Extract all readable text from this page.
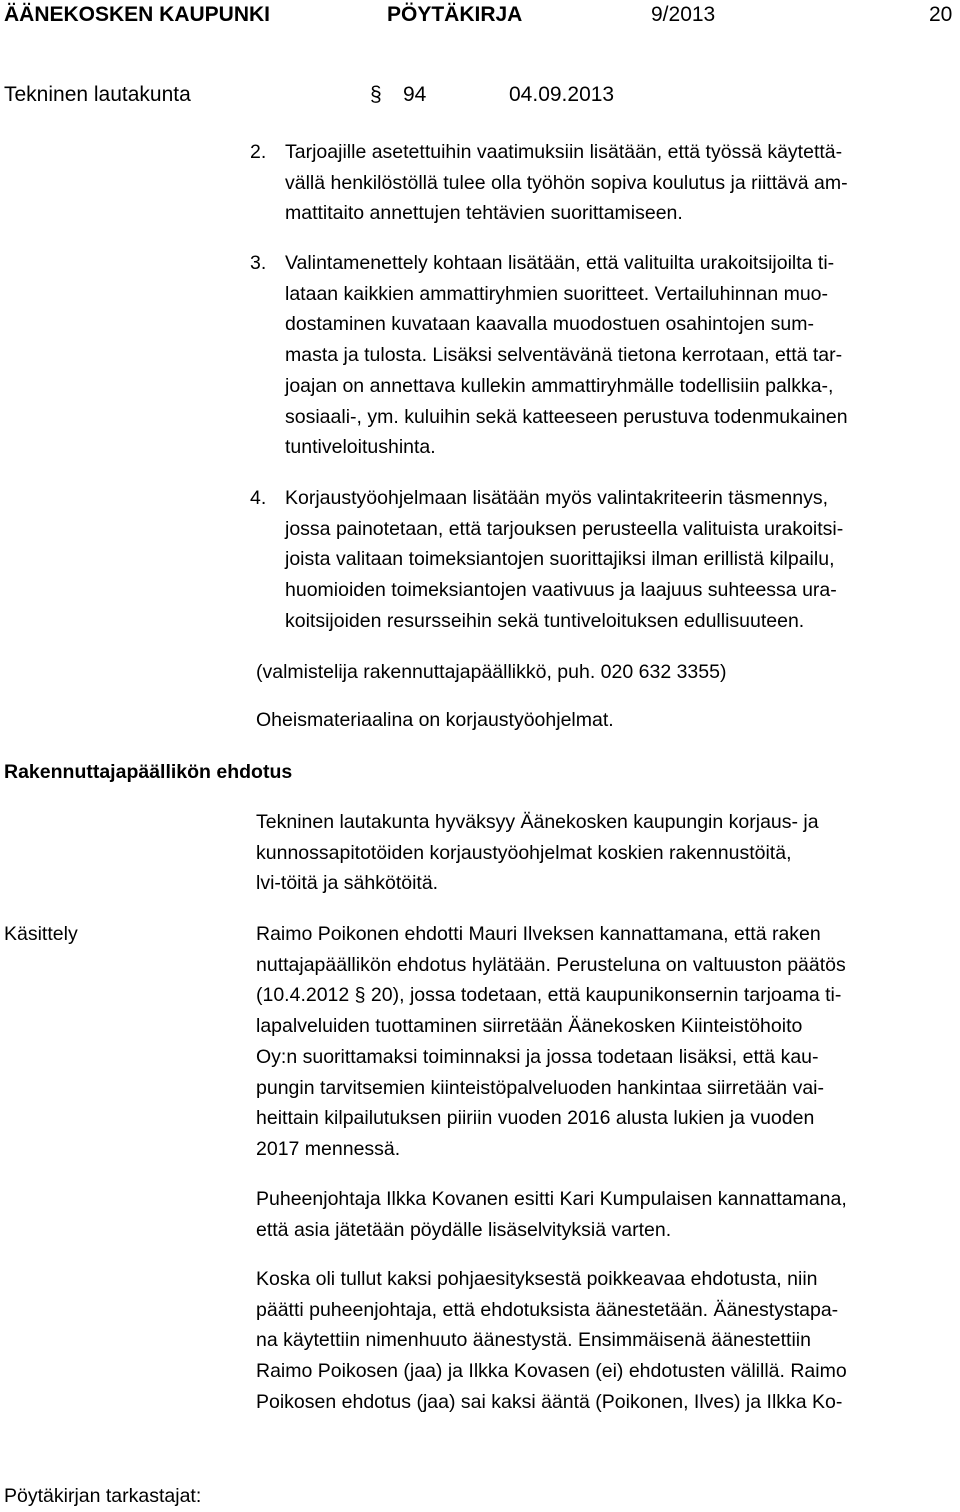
ÄÄNEKOSKEN KAUPUNKI	PÖYTÄKIRJA	9/2013	20
Tekninen lautakunta	§ 94	04.09.2013
2. Tarjoajille asetettuihin vaatimuksiin lisätään, että työssä käytettä-
vällä henkilöstöllä tulee olla työhön sopiva koulutus ja riittävä am-
mattitaito annettujen tehtävien suorittamiseen.
3. Valintamenettely kohtaan lisätään, että valituilta urakoitsijoilta ti-
lataan kaikkien ammattiryhmien suoritteet. Vertailuhinnan muo-
dostaminen kuvataan kaavalla muodostuen osahintojen sum-
masta ja tulosta. Lisäksi selventävänä tietona kerrotaan, että tar-
joajan on annettava kullekin ammattiryhmälle todellisiin palkka-,
sosiaali-, ym. kuluihin sekä katteeseen perustuva todenmukainen
tuntiveloitushinta.
4. Korjaustyöohjelmaan lisätään myös valintakriteerin täsmennys,
jossa painotetaan, että tarjouksen perusteella valituista urakoitsi-
joista valitaan toimeksiantojen suorittajiksi ilman erillistä kilpailu,
huomioiden toimeksiantojen vaativuus ja laajuus suhteessa ura-
koitsijoiden resursseihin sekä tuntiveloituksen edullisuuteen.
(valmistelija rakennuttajapäällikkö, puh. 020 632 3355)
Oheismateriaalina on korjaustyöohjelmat.
Rakennuttajapäällikön ehdotus
Tekninen lautakunta hyväksyy Äänekosken kaupungin korjaus- ja
kunnossapitotöiden korjaustyöohjelmat koskien rakennustöitä,
lvi-töitä ja sähkötöitä.
Käsittely	Raimo Poikonen ehdotti Mauri Ilveksen kannattamana, että raken
nuttajapäällikön ehdotus hylätään. Perusteluna on valtuuston päätös
(10.4.2012 § 20), jossa todetaan, että kaupunikonsernin tarjoama ti-
lapalveluiden tuottaminen siirretään Äänekosken Kiinteistöhoito
Oy:n suorittamaksi toiminnaksi ja jossa todetaan lisäksi, että kau-
pungin tarvitsemien kiinteistöpalveluoden hankintaa siirretään vai-
heittain kilpailutuksen piiriin vuoden 2016 alusta lukien ja vuoden
2017 mennessä.
Puheenjohtaja Ilkka Kovanen esitti Kari Kumpulaisen kannattamana,
että asia jätetään pöydälle lisäselvityksiä varten.
Koska oli tullut kaksi pohjaesityksestä poikkeavaa ehdotusta, niin
päätti puheenjohtaja, että ehdotuksista äänestetään. Äänestystapa-
na käytettiin nimenhuuto äänestystä. Ensimmäisenä äänestettiin
Raimo Poikosen (jaa) ja Ilkka Kovasen (ei) ehdotusten välillä. Raimo
Poikosen ehdotus (jaa) sai kaksi ääntä (Poikonen, Ilves) ja Ilkka Ko-
Pöytäkirjan tarkastajat:
